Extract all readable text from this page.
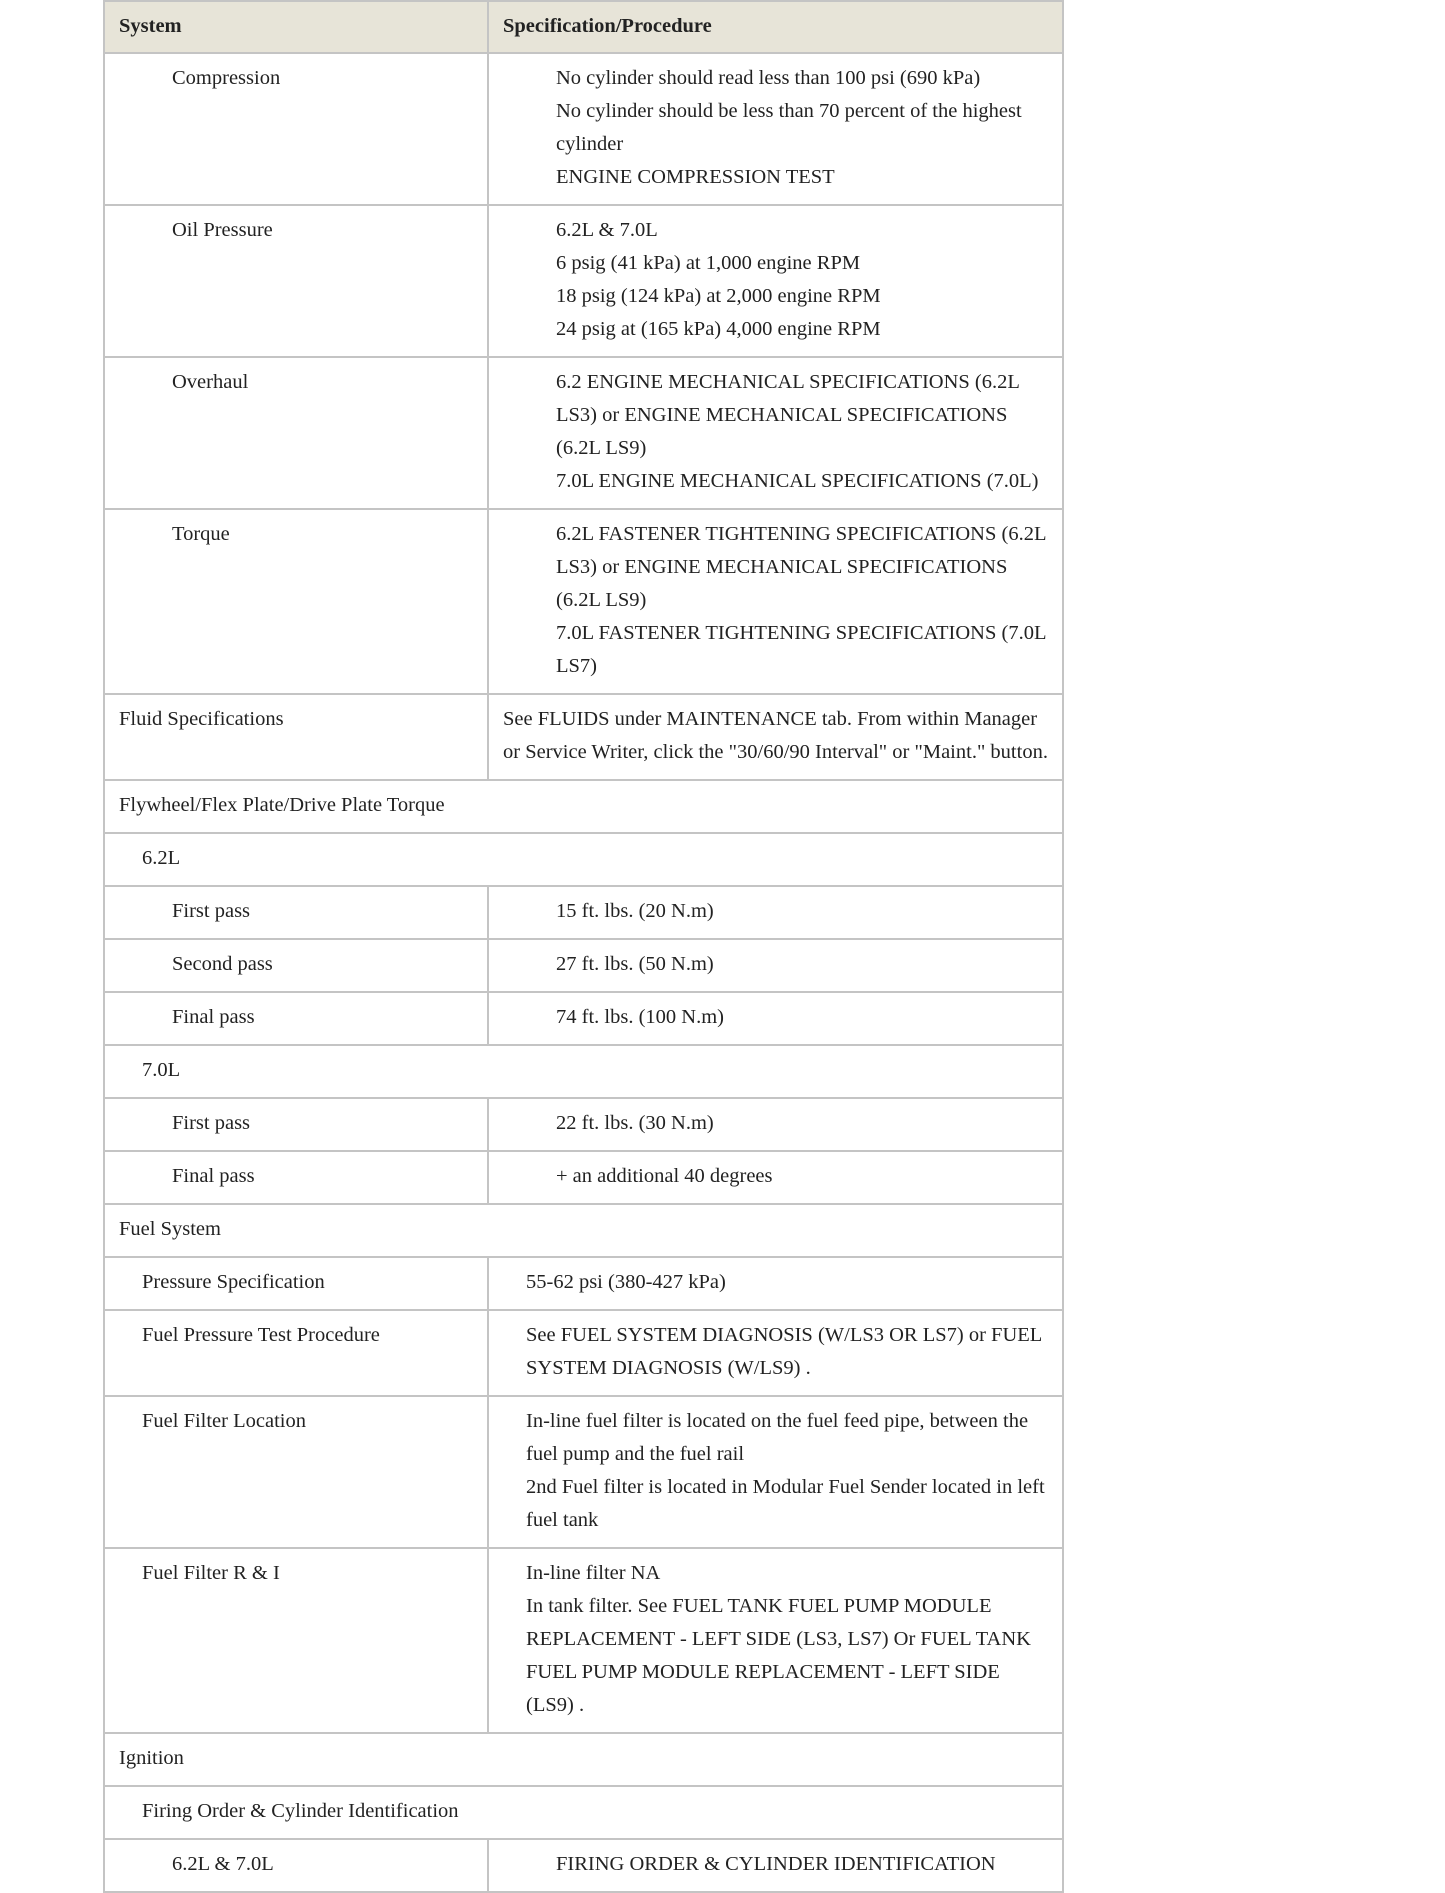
System	Specification/Procedure
Compression	No cylinder should read less than 100 psi (690 kPa)
No cylinder should be less than 70 percent of the highest cylinder
ENGINE COMPRESSION TEST

Oil Pressure	6.2L & 7.0L
6 psig (41 kPa) at 1,000 engine RPM
18 psig (124 kPa) at 2,000 engine RPM
24 psig at (165 kPa) 4,000 engine RPM

Overhaul	6.2 ENGINE MECHANICAL SPECIFICATIONS (6.2L LS3) or ENGINE MECHANICAL SPECIFICATIONS (6.2L LS9)
7.0L ENGINE MECHANICAL SPECIFICATIONS (7.0L)

Torque	6.2L FASTENER TIGHTENING SPECIFICATIONS (6.2L LS3) or ENGINE MECHANICAL SPECIFICATIONS (6.2L LS9)
7.0L FASTENER TIGHTENING SPECIFICATIONS (7.0L LS7)

Fluid Specifications	See FLUIDS under MAINTENANCE tab. From within Manager or Service Writer, click the "30/60/90 Interval" or "Maint." button.

Flywheel/Flex Plate/Drive Plate Torque	
6.2L	
First pass	15 ft. lbs. (20 N.m)

Second pass	27 ft. lbs. (50 N.m)

Final pass	74 ft. lbs. (100 N.m)

7.0L	
First pass	22 ft. lbs. (30 N.m)

Final pass	+ an additional 40 degrees

Fuel System	
Pressure Specification	55-62 psi (380-427 kPa)

Fuel Pressure Test Procedure	See FUEL SYSTEM DIAGNOSIS (W/LS3 OR LS7) or FUEL SYSTEM DIAGNOSIS (W/LS9) .

Fuel Filter Location	In-line fuel filter is located on the fuel feed pipe, between the fuel pump and the fuel rail
2nd Fuel filter is located in Modular Fuel Sender located in left fuel tank

Fuel Filter R & I	In-line filter NA
In tank filter. See FUEL TANK FUEL PUMP MODULE REPLACEMENT - LEFT SIDE (LS3, LS7) Or FUEL TANK FUEL PUMP MODULE REPLACEMENT - LEFT SIDE (LS9) .

Ignition	
Firing Order & Cylinder Identification	
6.2L & 7.0L	FIRING ORDER & CYLINDER IDENTIFICATION
